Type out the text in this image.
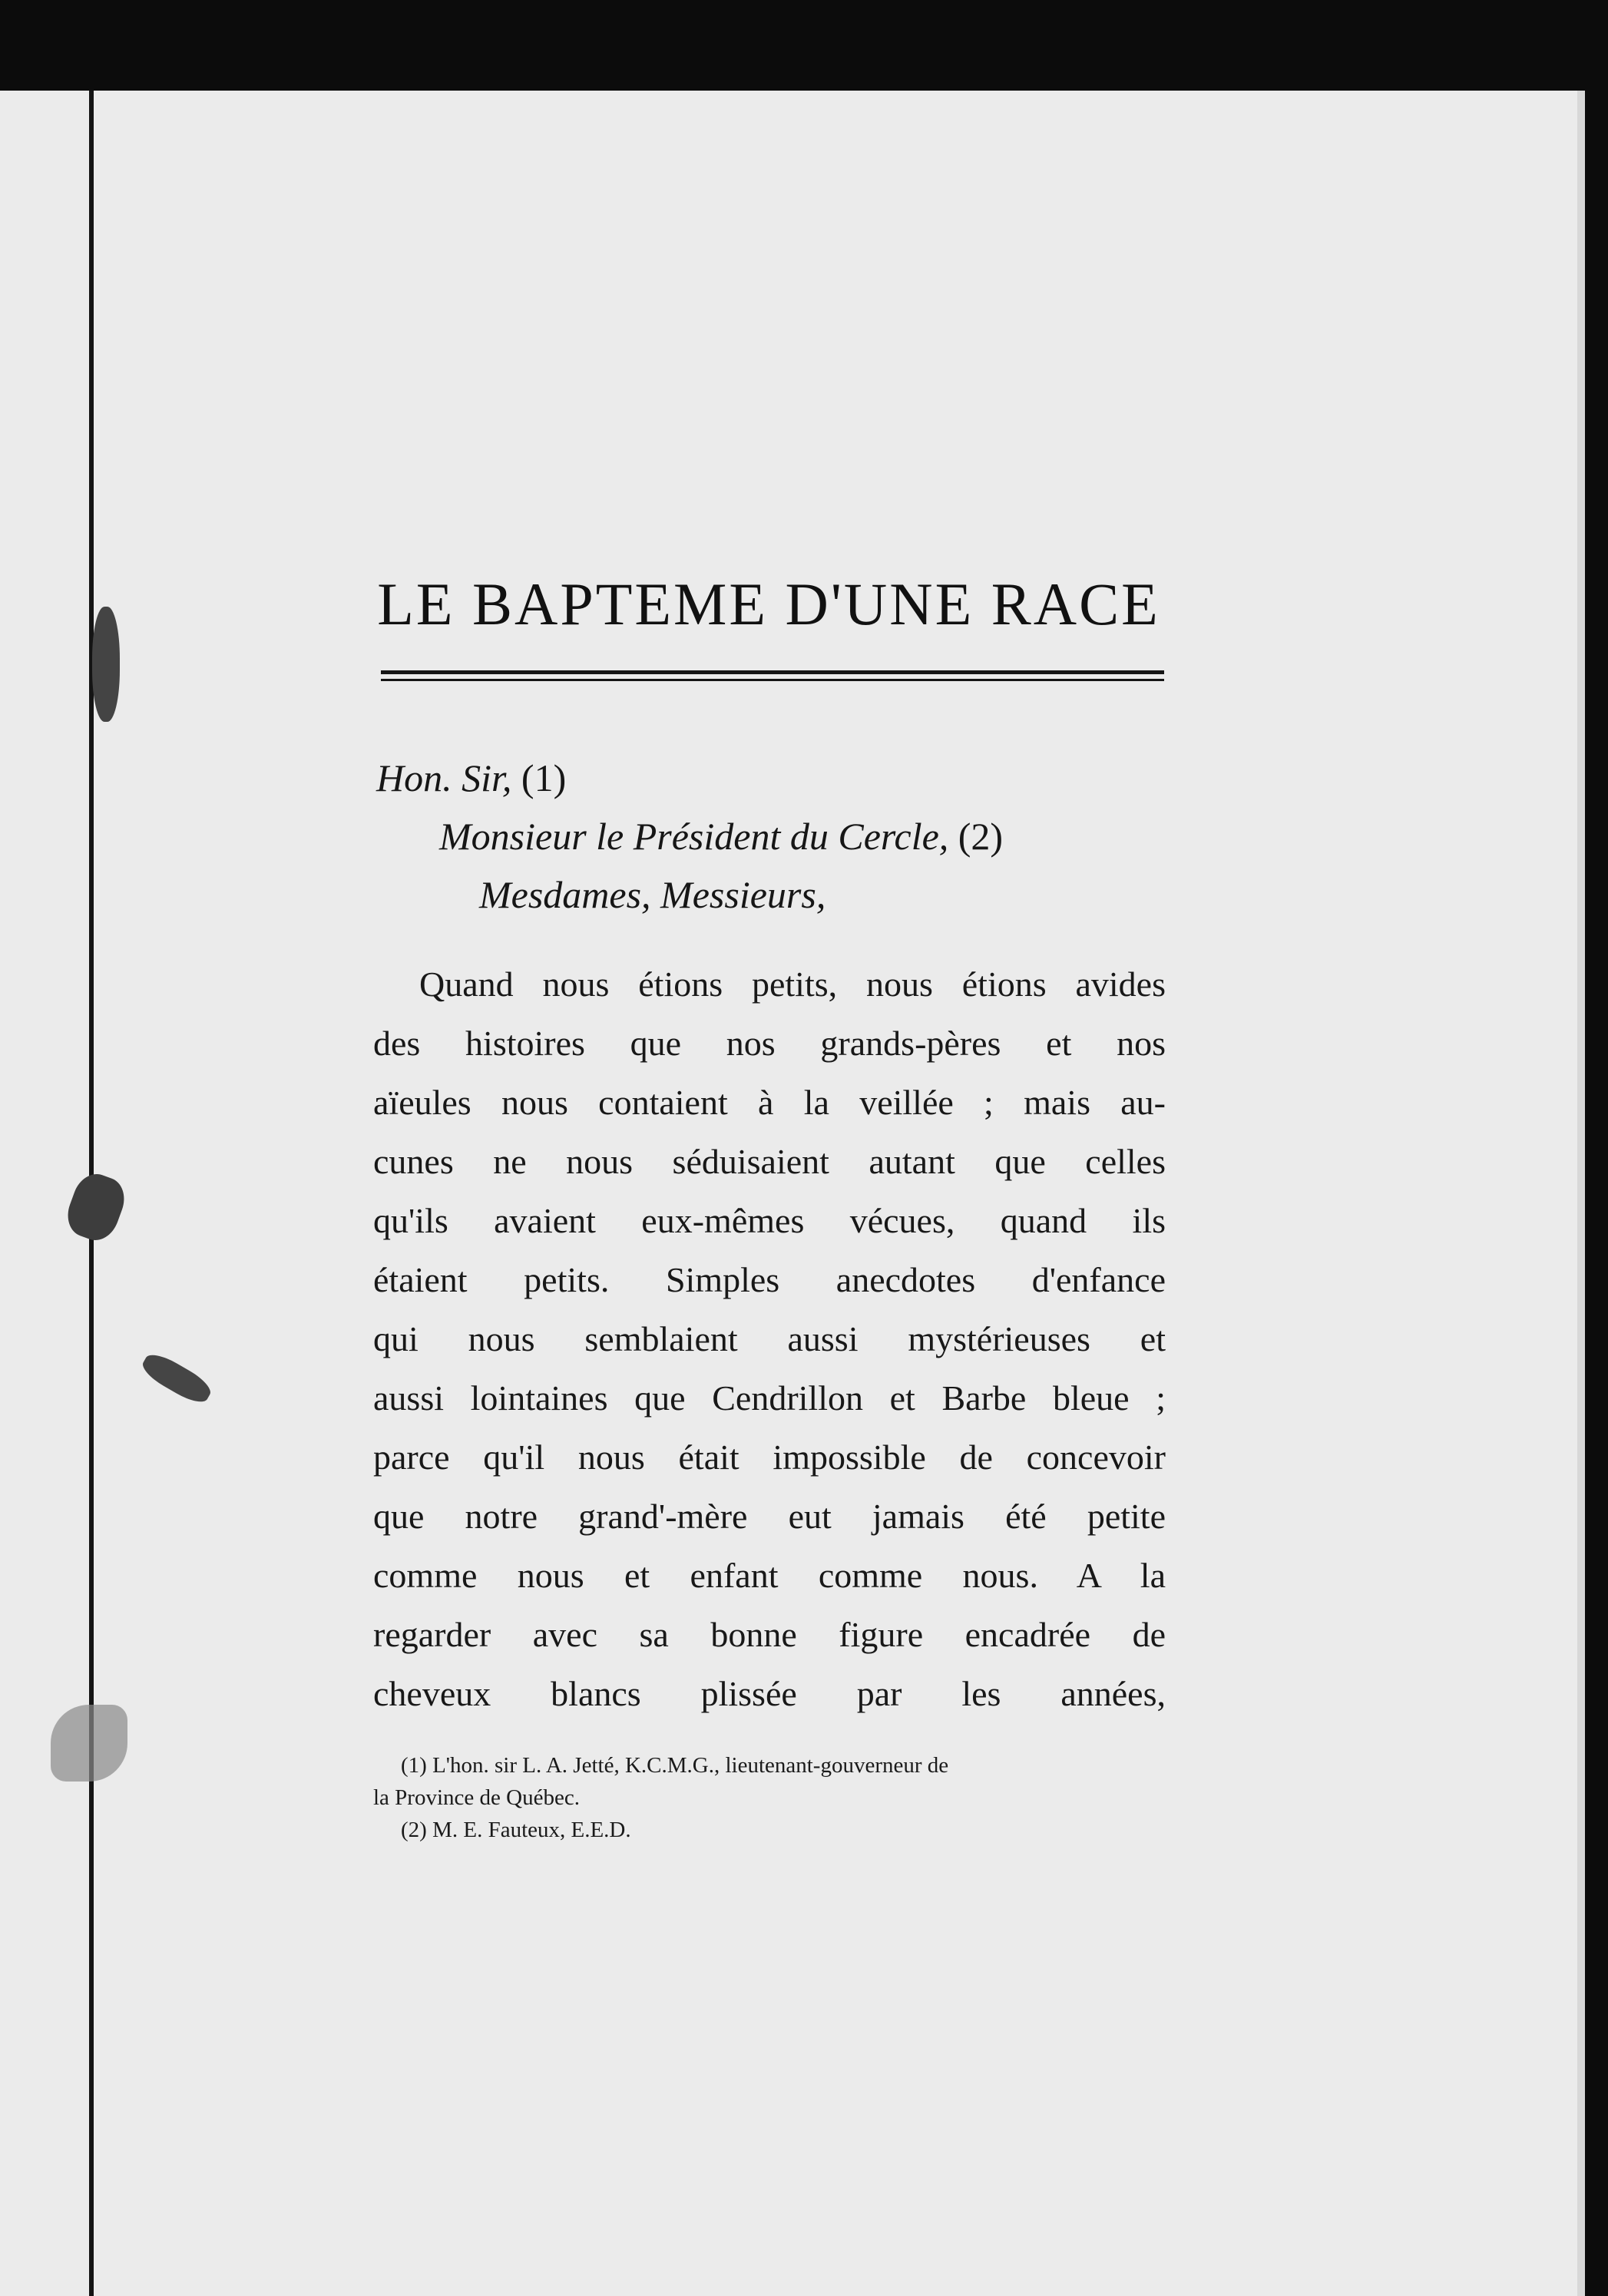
LE BAPTEME D'UNE RACE
Hon. Sir, (1)
Monsieur le Président du Cercle, (2)
Mesdames, Messieurs,
Quand nous étions petits, nous étions avides
des histoires que nos grands-pères et nos
aïeules nous contaient à la veillée ; mais au-
cunes ne nous séduisaient autant que celles
qu'ils avaient eux-mêmes vécues, quand ils
étaient petits. Simples anecdotes d'enfance
qui nous semblaient aussi mystérieuses et
aussi lointaines que Cendrillon et Barbe bleue ;
parce qu'il nous était impossible de concevoir
que notre grand'-mère eut jamais été petite
comme nous et enfant comme nous. A la
regarder avec sa bonne figure encadrée de
cheveux blancs plissée par les années,
(1) L'hon. sir L. A. Jetté, K.C.M.G., lieutenant-gouverneur de
la Province de Québec.
(2) M. E. Fauteux, E.E.D.
